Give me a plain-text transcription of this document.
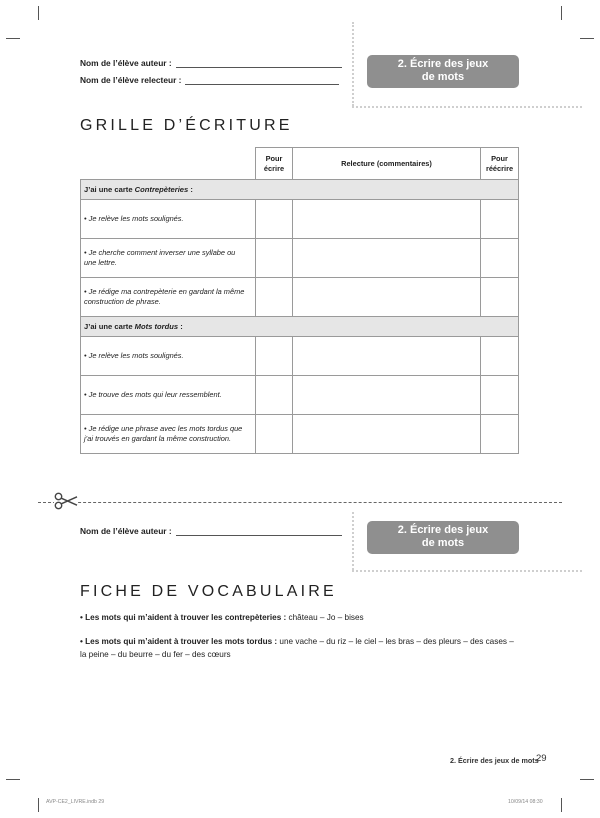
Nom de l’élève auteur :
Nom de l’élève relecteur :
2. Écrire des jeux
de mots
GRILLE D’ÉCRITURE
	Pour écrire	Relecture (commentaires)	Pour réécrire
J’ai une carte Contrepèteries :			
• Je relève les mots soulignés.			
• Je cherche comment inverser une syllabe ou une lettre.			
• Je rédige ma contrepèterie en gardant la même construction de phrase.			
J’ai une carte Mots tordus :			
• Je relève les mots soulignés.			
• Je trouve des mots qui leur ressemblent.			
• Je rédige une phrase avec les mots tordus que j’ai trouvés en gardant la même construction.			
Nom de l’élève auteur :	2. Écrire des jeux
de mots
FICHE DE VOCABULAIRE
• Les mots qui m’aident à trouver les contrepèteries : château – Jo – bises
• Les mots qui m’aident à trouver les mots tordus : une vache – du riz – le ciel – les bras – des pleurs – des cases – la peine – du beurre – du fer – des cœurs
2. Écrire des jeux de mots
29
AVP-CE2_LIVRE.indb 29	10/09/14 08:30
